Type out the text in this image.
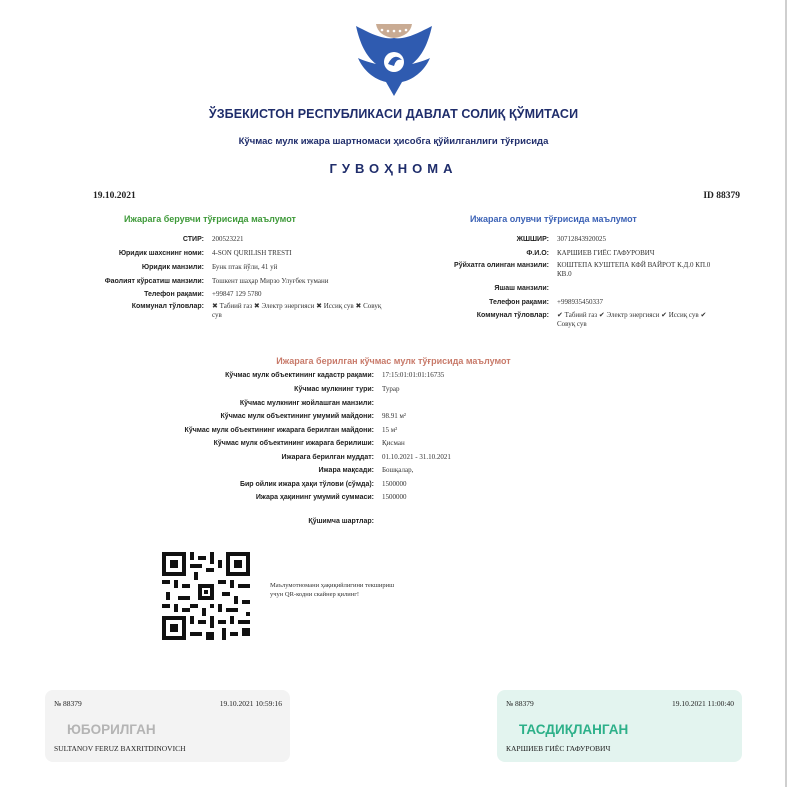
ЎЗБЕКИСТОН РЕСПУБЛИКАСИ ДАВЛАТ СОЛИҚ ҚЎМИТАСИ
Кўчмас мулк ижара шартномаси ҳисобга қўйилганлиги тўғрисида
ГУВОҲНОМА
19.10.2021	ID 88379
Ижарага берувчи тўғрисида маълумот	Ижарага олувчи тўғрисида маълумот
СТИР:	200523221
Юридик шахснинг номи:	4-SON QURILISH TRESTI
Юридик манзили:	Бунк птак йўли, 41 уй
Фаолият кўрсатиш манзили:	Тошкент шаҳар Мирзо Улуғбек тумани
Телефон рақами:	+99847 129 5780
Коммунал тўловлар:	✖ Табиий газ ✖ Электр энергияси ✖ Иссиқ сув ✖ Совуқ сув
ЖШШИР:	30712843920025
Ф.И.О:	КАРШИЕВ ГИЁС ГАФУРОВИЧ
Рўйхатга олинган манзили:	КОШТЕПА КУШТЕПА КФЙ ВАЙРОТ К.Д.0 КП.0 КВ.0
Яшаш манзили:
Телефон рақами:	+998935450337
Коммунал тўловлар:	✔ Табиий газ ✔ Электр энергияси ✔ Иссиқ сув ✔ Совуқ сув
Ижарага берилган кўчмас мулк тўғрисида маълумот
Кўчмас мулк объектининг кадастр рақами:	17:15:01:01:01:16735
Кўчмас мулкнинг тури:	Турар
Кўчмас мулкнинг жойлашган манзили:
Кўчмас мулк объектининг умумий майдони:	98.91 м²
Кўчмас мулк объектининг ижарага берилган майдони:	15 м²
Кўчмас мулк объектининг ижарага берилиши:	Қисман
Ижарага берилган муддат:	01.10.2021 - 31.10.2021
Ижара мақсади:	Бошқалар,
Бир ойлик ижара ҳақи тўлови (сўмда):	1500000
Ижара ҳақининг умумий суммаси:	1500000
Қўшимча шартлар:
Маълумотномани ҳақиқийлигини текшириш учун QR-кодни скайнер қилинг!
№ 88379	19.10.2021 10:59:16
ЮБОРИЛГАН
SULTANOV FERUZ BAXRITDINOVICH
№ 88379	19.10.2021 11:00:40
ТАСДИҚЛАНГАН
КАРШИЕВ ГИЁС ГАФУРОВИЧ
